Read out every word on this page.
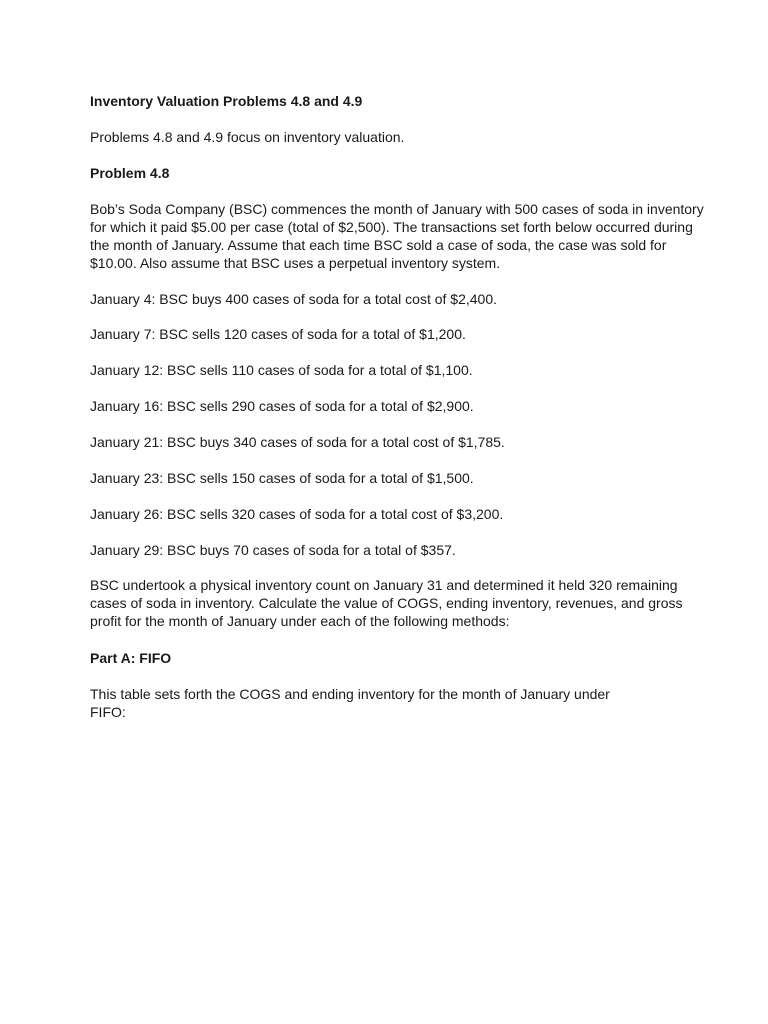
Inventory Valuation Problems 4.8 and 4.9

Problems 4.8 and 4.9 focus on inventory valuation.

Problem 4.8

Bob’s Soda Company (BSC) commences the month of January with 500 cases of soda in inventory
for which it paid $5.00 per case (total of $2,500). The transactions set forth below occurred during
the month of January. Assume that each time BSC sold a case of soda, the case was sold for
$10.00. Also assume that BSC uses a perpetual inventory system.

January 4: BSC buys 400 cases of soda for a total cost of $2,400.

January 7: BSC sells 120 cases of soda for a total of $1,200.

January 12: BSC sells 110 cases of soda for a total of $1,100.

January 16: BSC sells 290 cases of soda for a total of $2,900.

January 21: BSC buys 340 cases of soda for a total cost of $1,785.

January 23: BSC sells 150 cases of soda for a total of $1,500.

January 26: BSC sells 320 cases of soda for a total cost of $3,200.

January 29: BSC buys 70 cases of soda for a total of $357.

BSC undertook a physical inventory count on January 31 and determined it held 320 remaining
cases of soda in inventory. Calculate the value of COGS, ending inventory, revenues, and gross
profit for the month of January under each of the following methods:

Part A: FIFO

This table sets forth the COGS and ending inventory for the month of January under
FIFO:
